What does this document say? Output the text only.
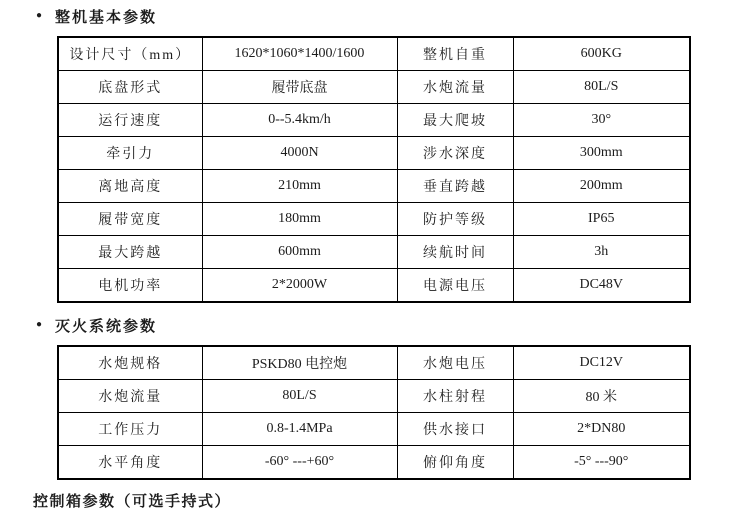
● 整机基本参数
设计尺寸（mm）	1620*1060*1400/1600	整机自重	600KG
底盘形式	履带底盘	水炮流量	80L/S
运行速度	0--5.4km/h	最大爬坡	30°
牵引力	4000N	涉水深度	300mm
离地高度	210mm	垂直跨越	200mm
履带宽度	180mm	防护等级	IP65
最大跨越	600mm	续航时间	3h
电机功率	2*2000W	电源电压	DC48V
● 灭火系统参数
水炮规格	PSKD80 电控炮	水炮电压	DC12V
水炮流量	80L/S	水柱射程	80 米
工作压力	0.8-1.4MPa	供水接口	2*DN80
水平角度	-60° ---+60°	俯仰角度	-5° ---90°
控制箱参数（可选手持式）
